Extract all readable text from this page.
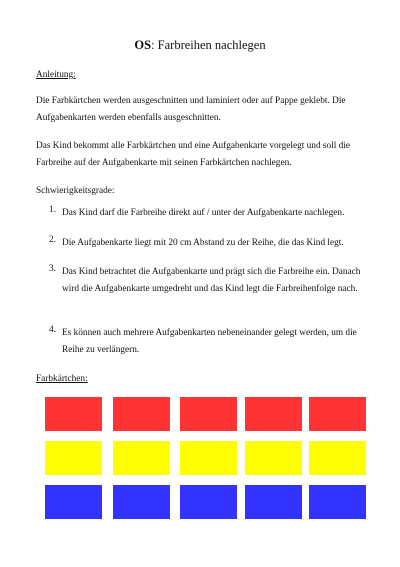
OS: Farbreihen nachlegen
Anleitung:
Die Farbkärtchen werden ausgeschnitten und laminiert oder auf Pappe geklebt. Die Aufgabenkarten werden ebenfalls ausgeschnitten.
Das Kind bekommt alle Farbkärtchen und eine Aufgabenkarte vorgelegt und soll die Farbreihe auf der Aufgabenkarte mit seinen Farbkärtchen nachlegen.
Schwierigkeitsgrade:
1. Das Kind darf die Farbreihe direkt auf / unter der Aufgabenkarte nachlegen.
2. Die Aufgabenkarte liegt mit 20 cm Abstand zu der Reihe, die das Kind legt.
3. Das Kind betrachtet die Aufgabenkarte und prägt sich die Farbreihe ein. Danach wird die Aufgabenkarte umgedreht und das Kind legt die Farbreihenfolge nach.
4. Es können auch mehrere Aufgabenkarten nebeneinander gelegt werden, um die Reihe zu verlängern.
Farbkärtchen:
